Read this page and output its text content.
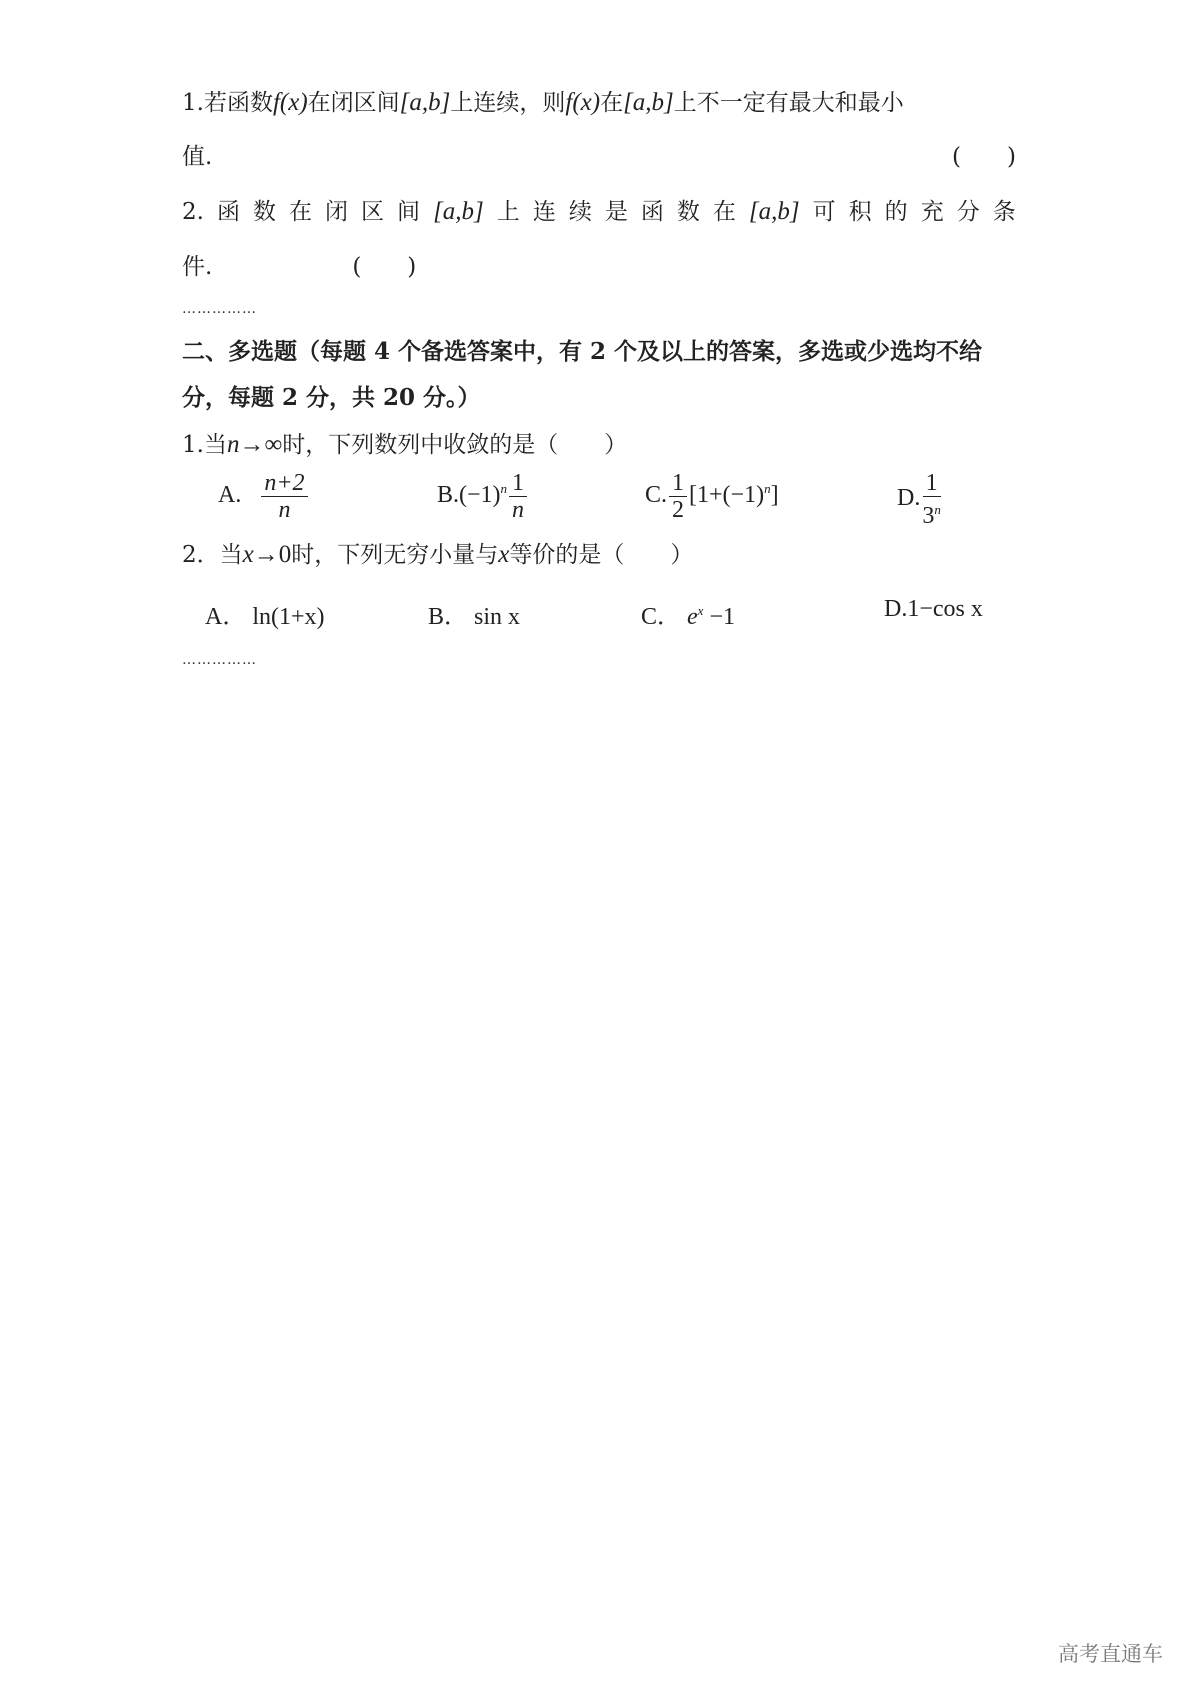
1.若函数f(x)在闭区间[a,b]上连续，则f(x)在[a,b]上不一定有最大和最小
值.	(　　)
2. 函 数 在 闭 区 间 [a,b] 上 连 续 是 函 数 在 [a,b] 可 积 的 充 分 条
件.	(　　)
……………
二、多选题（每题 4 个备选答案中，有 2 个及以上的答案，多选或少选均不给
分，每题 2 分，共 20 分。）
1.当n→∞时，下列数列中收敛的是（　　）
A. $\frac{n+2}{n}$	$B.(-1)^n \frac{1}{n}$	C. $\frac{1}{2} [1+(-1)^n]$	D. $\frac{1}{3^n}$
2．当x→0时，下列无穷小量与x等价的是（　　）
A． ln(1+x)	B． sin x	C． $e^x -1$	D.1−cos x
……………
高考直通车
